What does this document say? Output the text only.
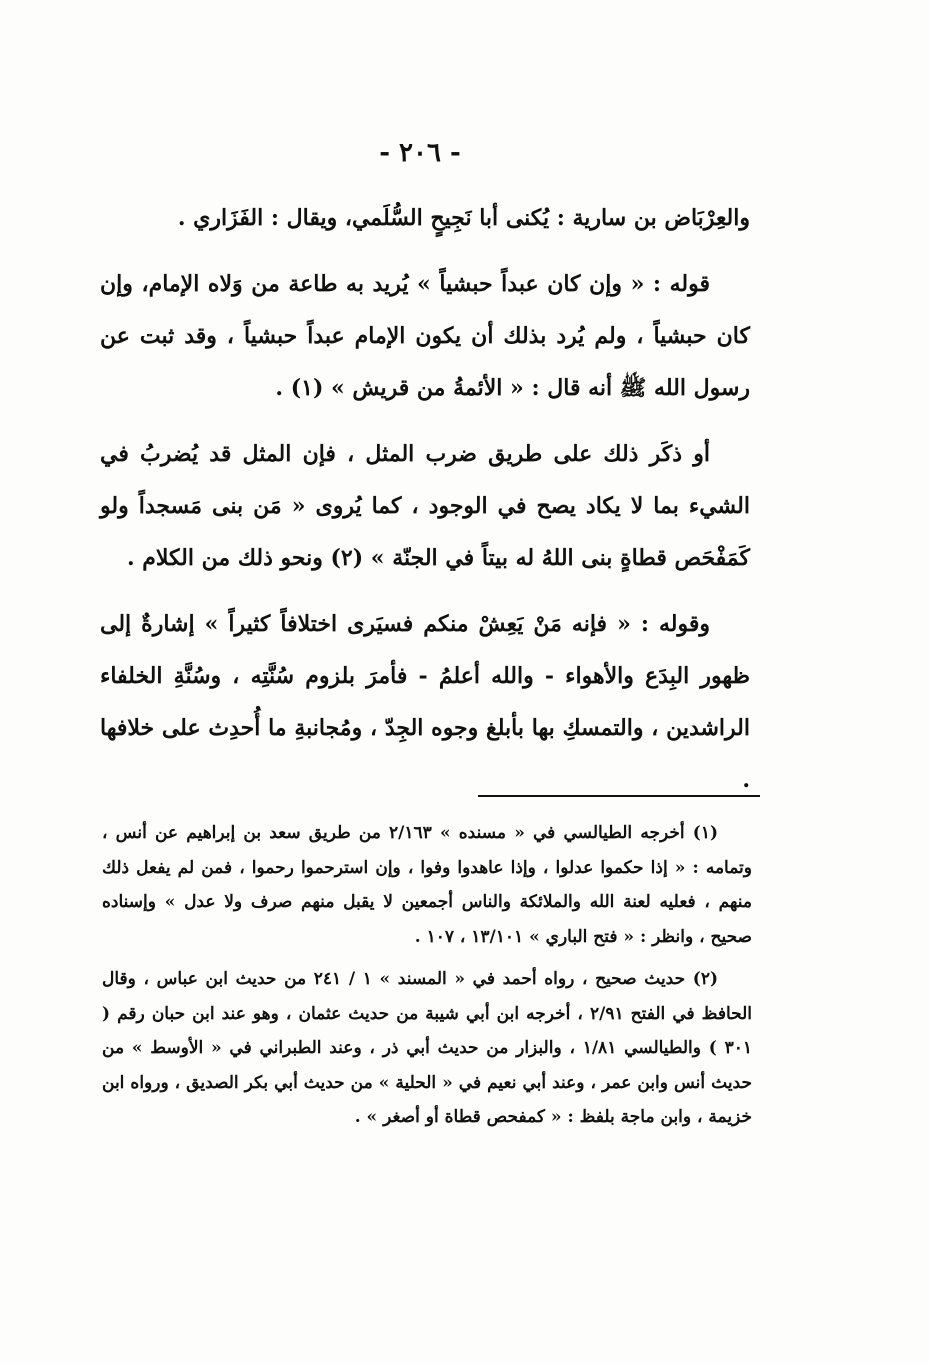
- ٢٠٦ -

والعِرْبَاض بن سارية : يُكنى أبا نَجِيحٍ السُّلَمي، ويقال : الفَزَاري .

قوله : « وإن كان عبداً حبشياً » يُريد به طاعة من وَلاه الإمام، وإن كان حبشياً ، ولم يُرد بذلك أن يكون الإمام عبداً حبشياً ، وقد ثبت عن رسول الله ﷺ أنه قال : « الأئمةُ من قريش » (١) .

أو ذكَر ذلك على طريق ضرب المثل ، فإن المثل قد يُضربُ في الشيء بما لا يكاد يصح في الوجود ، كما يُروى « مَن بنى مَسجداً ولو كَمَفْحَص قطاةٍ بنى اللهُ له بيتاً في الجنّة » (٢) ونحو ذلك من الكلام .

وقوله : « فإنه مَنْ يَعِشْ منكم فسيَرى اختلافاً كثيراً » إشارةٌ إلى ظهور البِدَع والأهواء - والله أعلمُ - فأمرَ بلزوم سُنَّتِه ، وسُنَّةِ الخلفاء الراشدين ، والتمسكِ بها بأبلغ وجوه الجِدّ ، ومُجانبةِ ما أُحدِث على خلافها .

(١) أخرجه الطيالسي في « مسنده » ٢/١٦٣ من طريق سعد بن إبراهيم عن أنس ، وتمامه : « إذا حكموا عدلوا ، وإذا عاهدوا وفوا ، وإن استرحموا رحموا ، فمن لم يفعل ذلك منهم ، فعليه لعنة الله والملائكة والناس أجمعين لا يقبل منهم صرف ولا عدل » وإسناده صحيح ، وانظر : « فتح الباري » ١٣/١٠١ ، ١٠٧ .

(٢) حديث صحيح ، رواه أحمد في « المسند » ١ / ٢٤١ من حديث ابن عباس ، وقال الحافظ في الفتح ٢/٩١ ، أخرجه ابن أبي شيبة من حديث عثمان ، وهو عند ابن حبان رقم ( ٣٠١ ) والطيالسي ١/٨١ ، والبزار من حديث أبي ذر ، وعند الطبراني في « الأوسط » من حديث أنس وابن عمر ، وعند أبي نعيم في « الحلية » من حديث أبي بكر الصديق ، ورواه ابن خزيمة ، وابن ماجة بلفظ : « كمفحص قطاة أو أصغر » .
